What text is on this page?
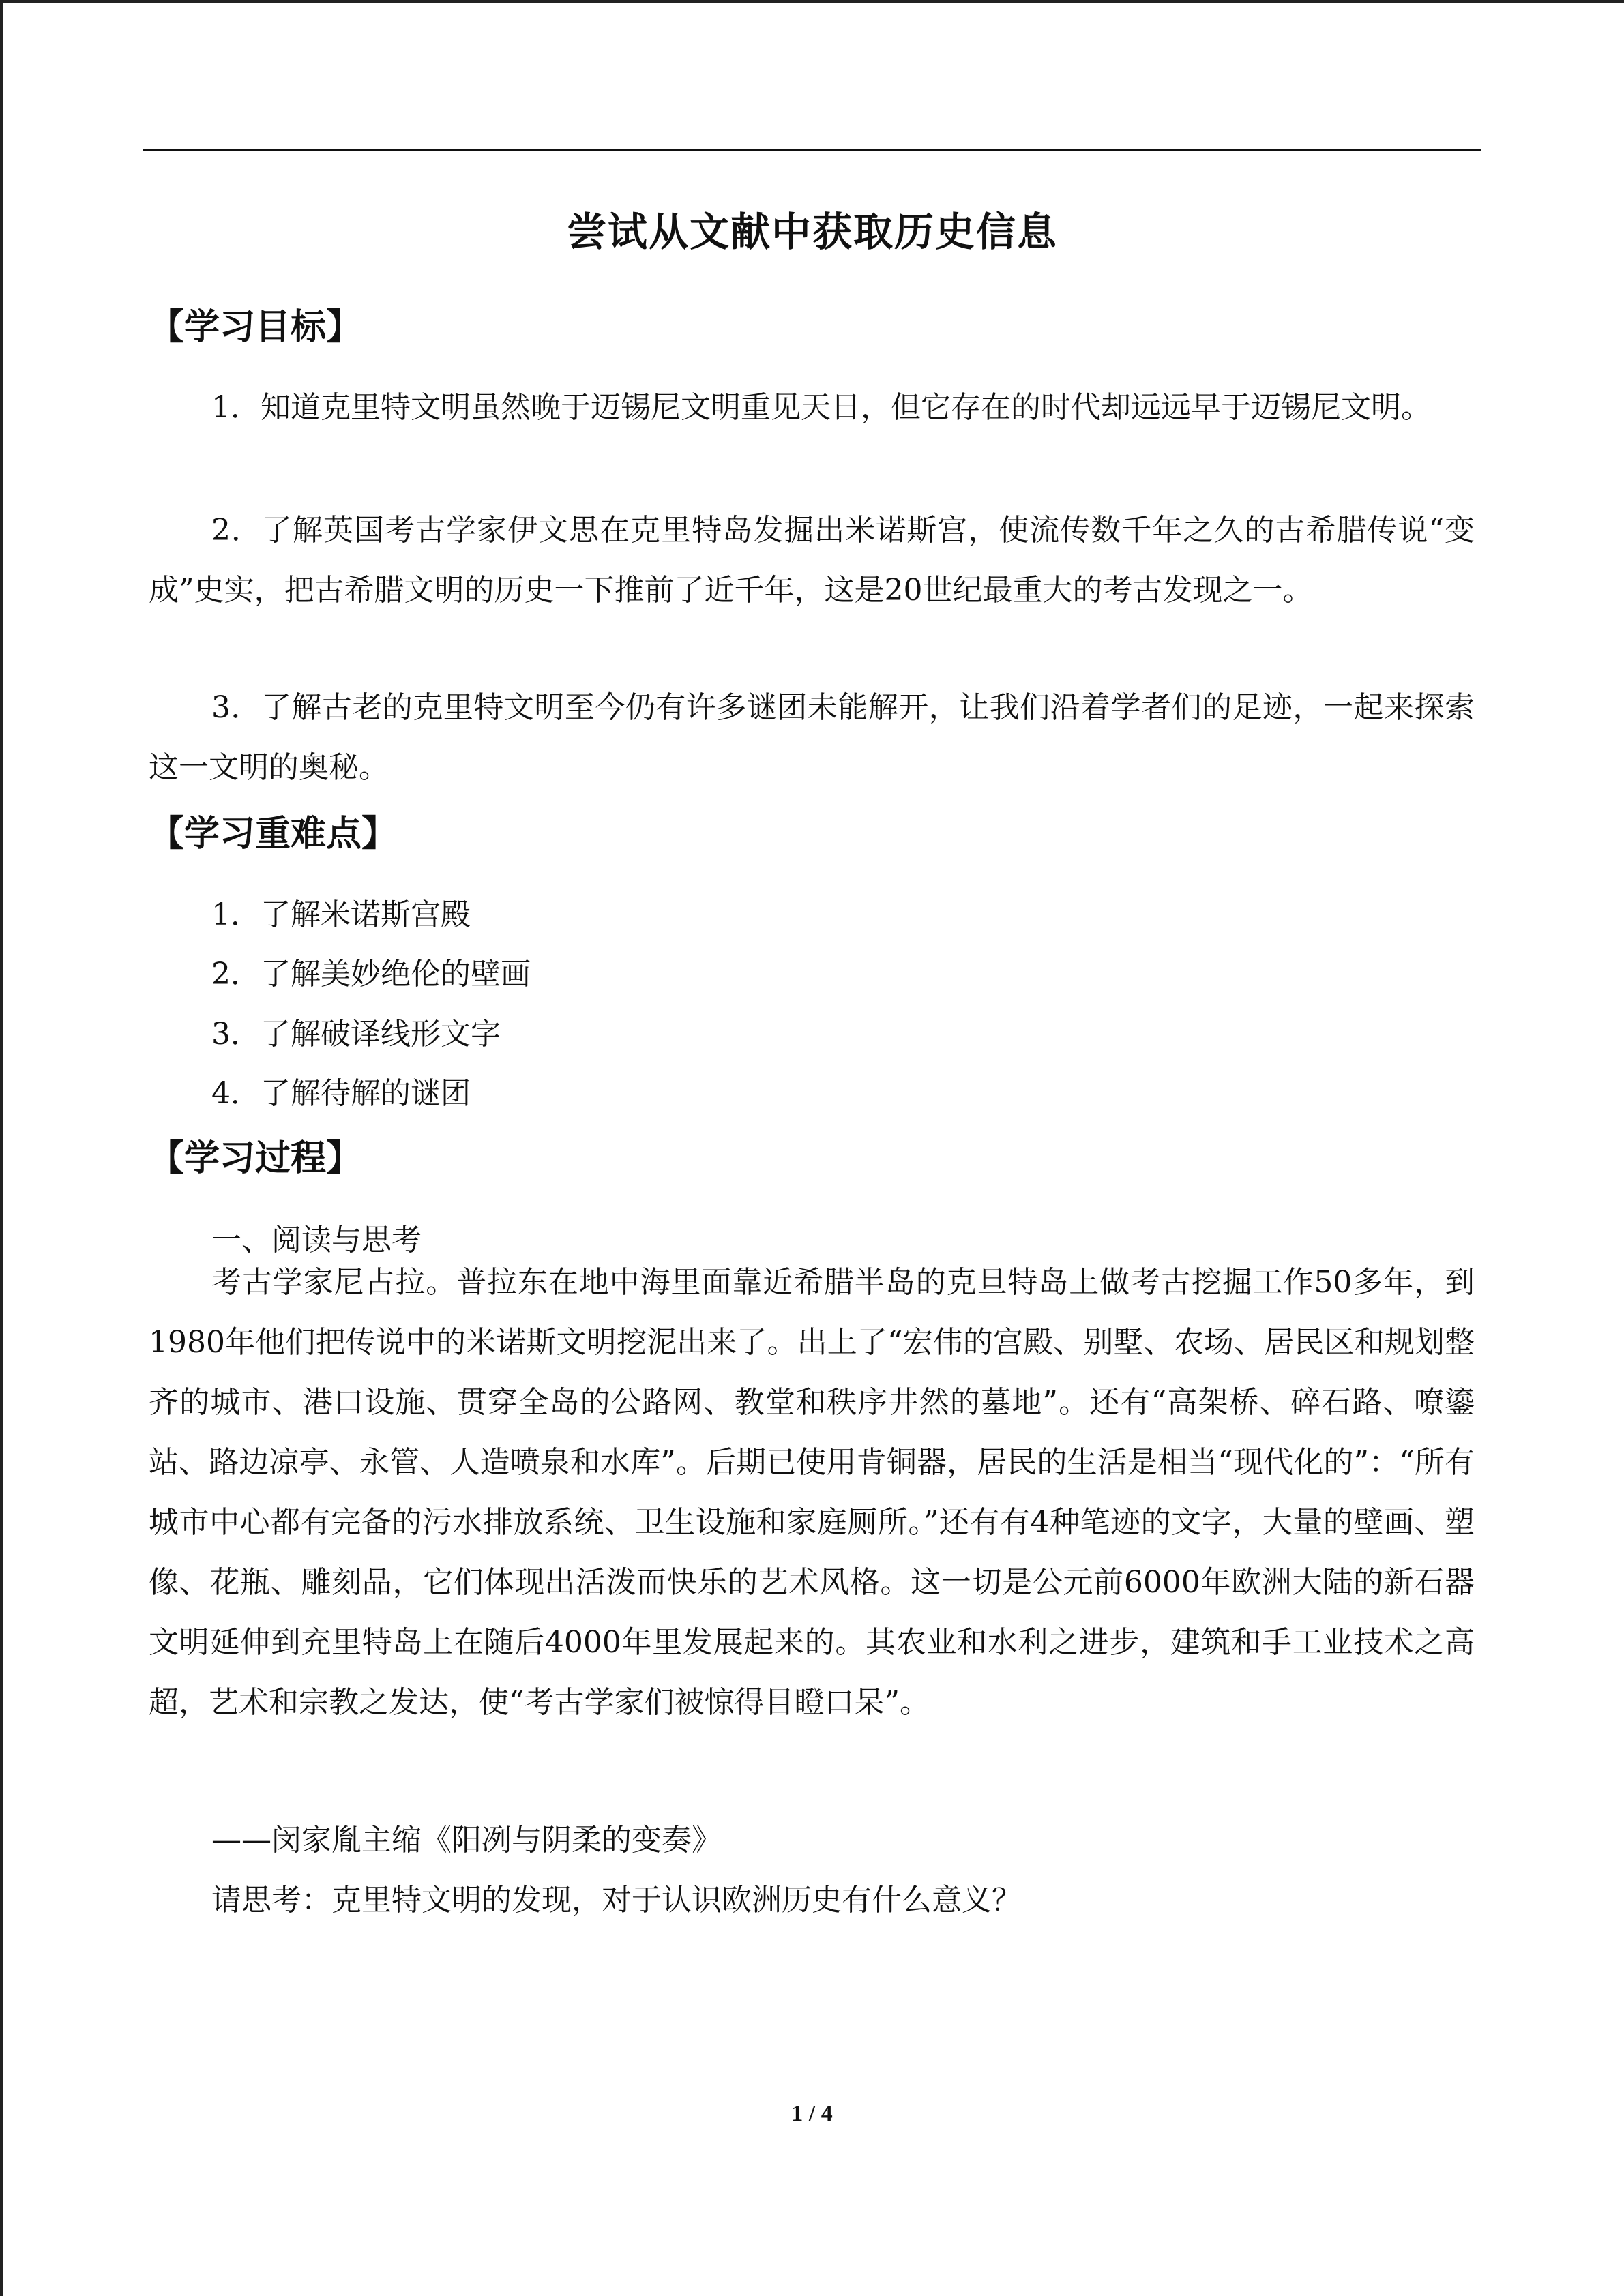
尝试从文献中获取历史信息
【学习目标】

1．知道克里特文明虽然晚于迈锡尼文明重见天日，但它存在的时代却远远早于迈锡尼文明。

2．了解英国考古学家伊文思在克里特岛发掘出米诺斯宫，使流传数千年之久的古希腊传说“变成”史实，把古希腊文明的历史一下推前了近千年，这是20世纪最重大的考古发现之一。

3．了解古老的克里特文明至今仍有许多谜团未能解开，让我们沿着学者们的足迹，一起来探索这一文明的奥秘。

【学习重难点】
1．了解米诺斯宫殿
2．了解美妙绝伦的壁画
3．了解破译线形文字
4．了解待解的谜团
【学习过程】
一、阅读与思考

考古学家尼占拉。普拉东在地中海里面靠近希腊半岛的克旦特岛上做考古挖掘工作50多年，到1980年他们把传说中的米诺斯文明挖泥出来了。出上了“宏伟的宫殿、别墅、农场、居民区和规划整齐的城市、港口设施、贯穿全岛的公路网、教堂和秩序井然的墓地”。还有“高架桥、碎石路、嘹鎏站、路边凉亭、永管、人造喷泉和水库”。后期已使用肯铜器，居民的生活是相当“现代化的”：“所有城市中心都有完备的污水排放系统、卫生设施和家庭厕所。”还有有4种笔迹的文字，大量的壁画、塑像、花瓶、雕刻品，它们体现出活泼而快乐的艺术风格。这一切是公元前6000年欧洲大陆的新石器文明延伸到充里特岛上在随后4000年里发展起来的。其农业和水利之进步，建筑和手工业技术之高超，艺术和宗教之发达，使“考古学家们被惊得目瞪口呆”。

——闵家胤主缩《阳冽与阴柔的变奏》
请思考：克里特文明的发现，对于认识欧洲历史有什么意义？
1 / 4
